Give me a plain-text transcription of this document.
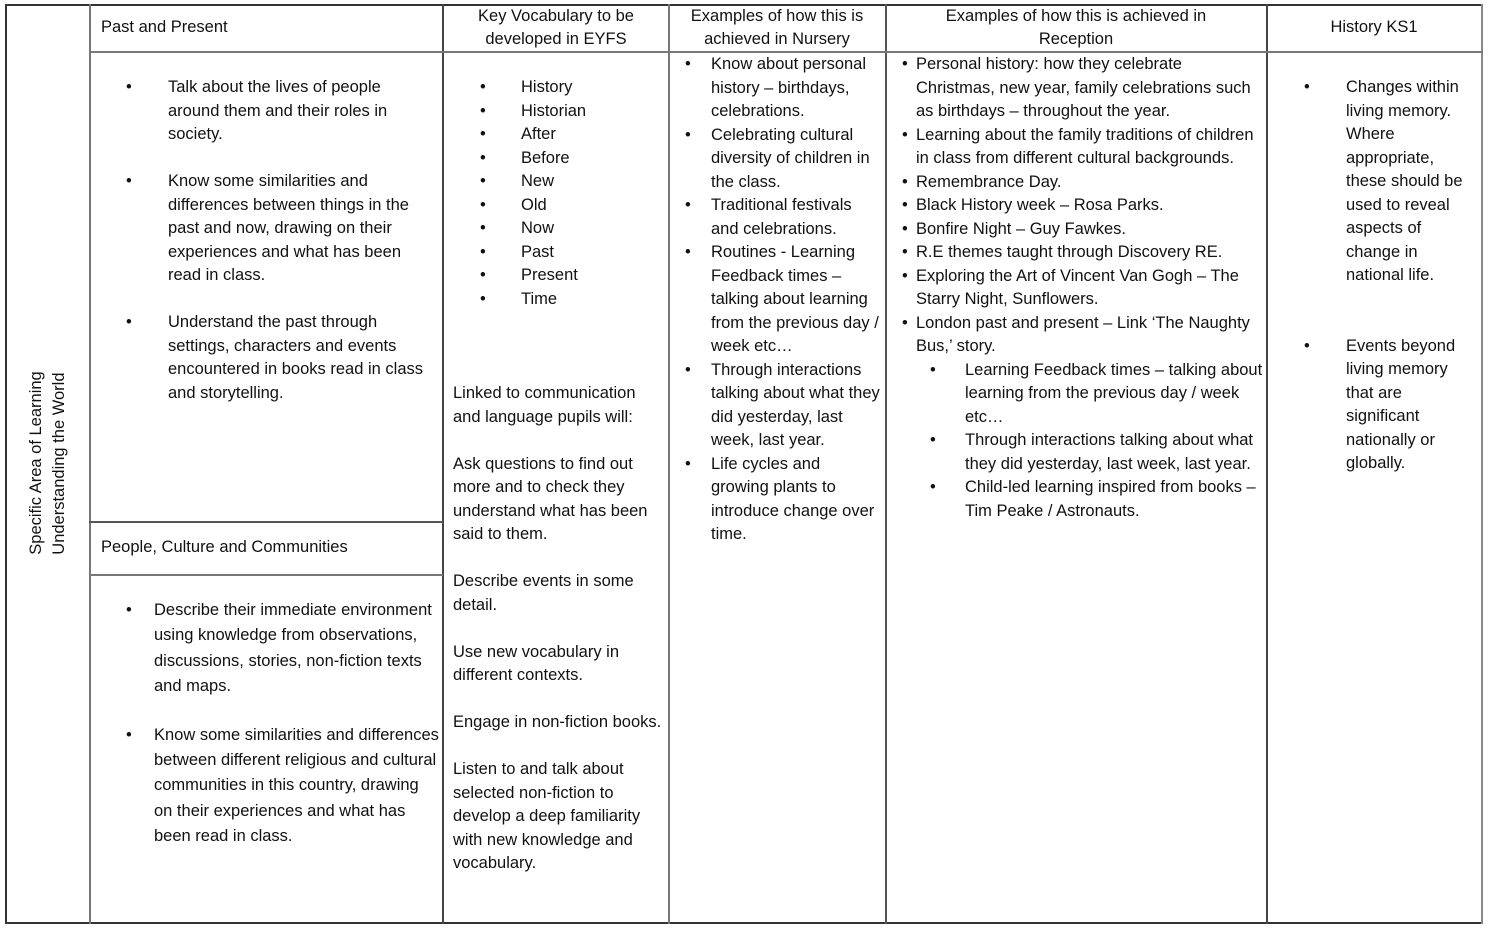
Specific Area of Learning Understanding the World
Past and Present
Key Vocabulary to be developed in EYFS
Examples of how this is achieved in Nursery
Examples of how this is achieved in Reception
History KS1
• Talk about the lives of people around them and their roles in society.
• Know some similarities and differences between things in the past and now, drawing on their experiences and what has been read in class.
• Understand the past through settings, characters and events encountered in books read in class and storytelling.
People, Culture and Communities
• Describe their immediate environment using knowledge from observations, discussions, stories, non-fiction texts and maps.
• Know some similarities and differences between different religious and cultural communities in this country, drawing on their experiences and what has been read in class.
• History
• Historian
• After
• Before
• New
• Old
• Now
• Past
• Present
• Time

Linked to communication and language pupils will:

Ask questions to find out more and to check they understand what has been said to them.

Describe events in some detail.

Use new vocabulary in different contexts.

Engage in non-fiction books.

Listen to and talk about selected non-fiction to develop a deep familiarity with new knowledge and vocabulary.

• Know about personal history – birthdays, celebrations.
• Celebrating cultural diversity of children in the class.
• Traditional festivals and celebrations.
• Routines - Learning Feedback times – talking about learning from the previous day / week etc…
• Through interactions talking about what they did yesterday, last week, last year.
• Life cycles and growing plants to introduce change over time.
• Personal history: how they celebrate Christmas, new year, family celebrations such as birthdays – throughout the year.
• Learning about the family traditions of children in class from different cultural backgrounds.
• Remembrance Day.
• Black History week – Rosa Parks.
• Bonfire Night – Guy Fawkes.
• R.E themes taught through Discovery RE.
• Exploring the Art of Vincent Van Gogh – The Starry Night, Sunflowers.
• London past and present – Link ‘The Naughty Bus,’ story.
• Learning Feedback times – talking about learning from the previous day / week etc…
• Through interactions talking about what they did yesterday, last week, last year.
• Child-led learning inspired from books – Tim Peake / Astronauts.
• Changes within living memory. Where appropriate, these should be used to reveal aspects of change in national life.
• Events beyond living memory that are significant nationally or globally.
